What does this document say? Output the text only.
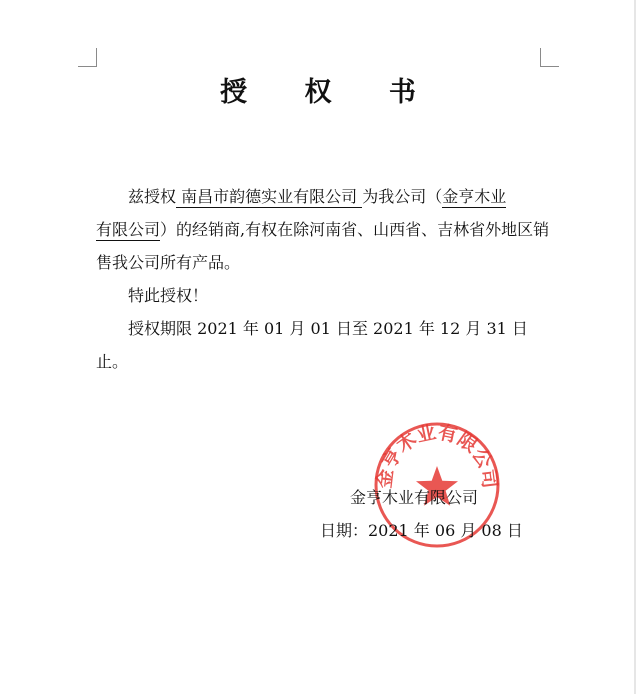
授 权 书

兹授权 南昌市韵德实业有限公司 为我公司（金亨木业
有限公司）的经销商,有权在除河南省、山西省、吉林省外地区销售我公司所有产品。

特此授权！

授权期限 2021 年 01 月 01 日至 2021 年 12 月 31 日止。

金亨木业有限公司
金亨木业有限公司
日期：2021 年 06 月 08 日
